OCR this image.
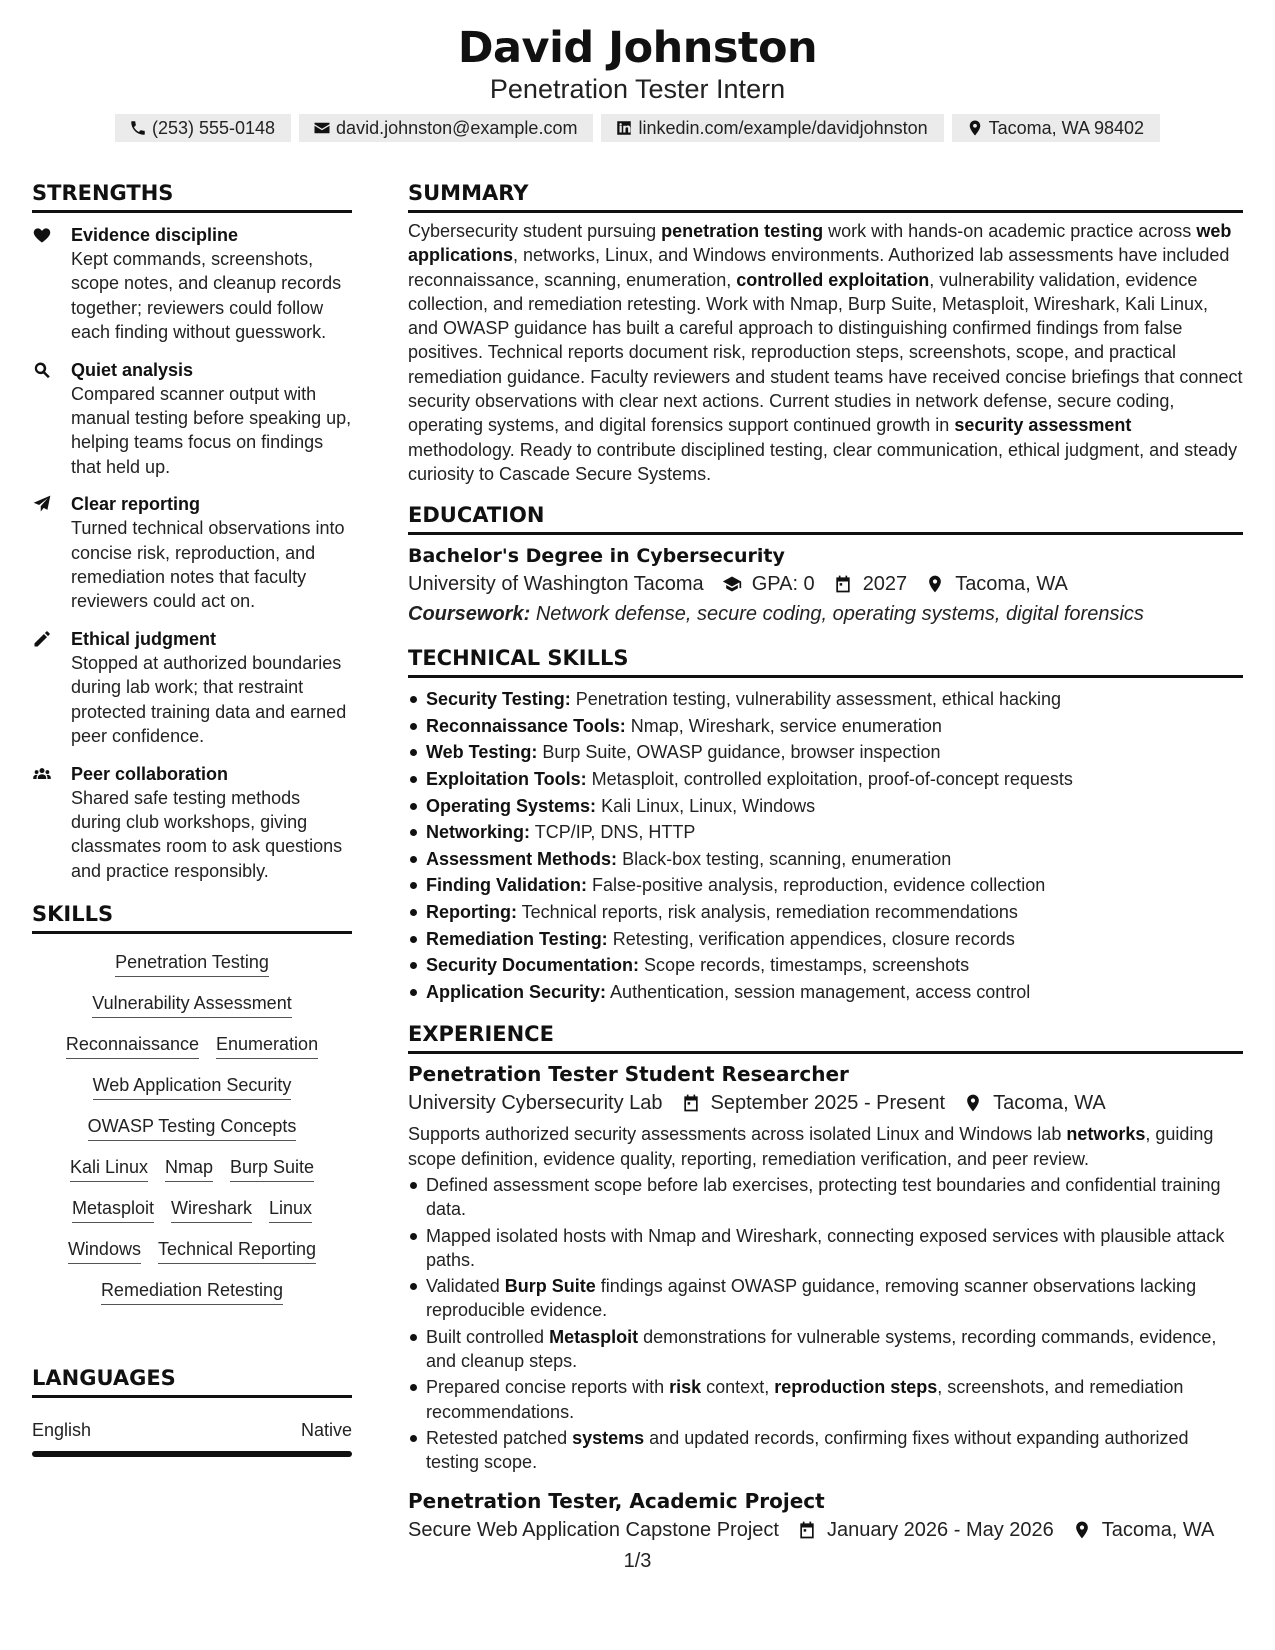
David Johnston
Penetration Tester Intern
(253) 555-0148	david.johnston@example.com	linkedin.com/example/davidjohnston	Tacoma, WA 98402
STRENGTHS
Evidence discipline
Kept commands, screenshots, scope notes, and cleanup records together; reviewers could follow each finding without guesswork.
Quiet analysis
Compared scanner output with manual testing before speaking up, helping teams focus on findings that held up.
Clear reporting
Turned technical observations into concise risk, reproduction, and remediation notes that faculty reviewers could act on.
Ethical judgment
Stopped at authorized boundaries during lab work; that restraint protected training data and earned peer confidence.
Peer collaboration
Shared safe testing methods during club workshops, giving classmates room to ask questions and practice responsibly.
SKILLS
Penetration Testing
Vulnerability Assessment
Reconnaissance Enumeration
Web Application Security
OWASP Testing Concepts
Kali Linux Nmap Burp Suite
Metasploit Wireshark Linux
Windows Technical Reporting
Remediation Retesting
LANGUAGES
English	Native
SUMMARY
Cybersecurity student pursuing penetration testing work with hands-on academic practice across web applications, networks, Linux, and Windows environments. Authorized lab assessments have included reconnaissance, scanning, enumeration, controlled exploitation, vulnerability validation, evidence collection, and remediation retesting. Work with Nmap, Burp Suite, Metasploit, Wireshark, Kali Linux, and OWASP guidance has built a careful approach to distinguishing confirmed findings from false positives. Technical reports document risk, reproduction steps, screenshots, scope, and practical remediation guidance. Faculty reviewers and student teams have received concise briefings that connect security observations with clear next actions. Current studies in network defense, secure coding, operating systems, and digital forensics support continued growth in security assessment methodology. Ready to contribute disciplined testing, clear communication, ethical judgment, and steady curiosity to Cascade Secure Systems.
EDUCATION
Bachelor's Degree in Cybersecurity
University of Washington Tacoma GPA: 0 2027 Tacoma, WA
Coursework: Network defense, secure coding, operating systems, digital forensics
TECHNICAL SKILLS
Security Testing: Penetration testing, vulnerability assessment, ethical hacking
Reconnaissance Tools: Nmap, Wireshark, service enumeration
Web Testing: Burp Suite, OWASP guidance, browser inspection
Exploitation Tools: Metasploit, controlled exploitation, proof-of-concept requests
Operating Systems: Kali Linux, Linux, Windows
Networking: TCP/IP, DNS, HTTP
Assessment Methods: Black-box testing, scanning, enumeration
Finding Validation: False-positive analysis, reproduction, evidence collection
Reporting: Technical reports, risk analysis, remediation recommendations
Remediation Testing: Retesting, verification appendices, closure records
Security Documentation: Scope records, timestamps, screenshots
Application Security: Authentication, session management, access control
EXPERIENCE
Penetration Tester Student Researcher
University Cybersecurity Lab September 2025 - Present Tacoma, WA
Supports authorized security assessments across isolated Linux and Windows lab networks, guiding scope definition, evidence quality, reporting, remediation verification, and peer review.
Defined assessment scope before lab exercises, protecting test boundaries and confidential training data.
Mapped isolated hosts with Nmap and Wireshark, connecting exposed services with plausible attack paths.
Validated Burp Suite findings against OWASP guidance, removing scanner observations lacking reproducible evidence.
Built controlled Metasploit demonstrations for vulnerable systems, recording commands, evidence, and cleanup steps.
Prepared concise reports with risk context, reproduction steps, screenshots, and remediation recommendations.
Retested patched systems and updated records, confirming fixes without expanding authorized testing scope.
Penetration Tester, Academic Project
Secure Web Application Capstone Project January 2026 - May 2026 Tacoma, WA
1/3
